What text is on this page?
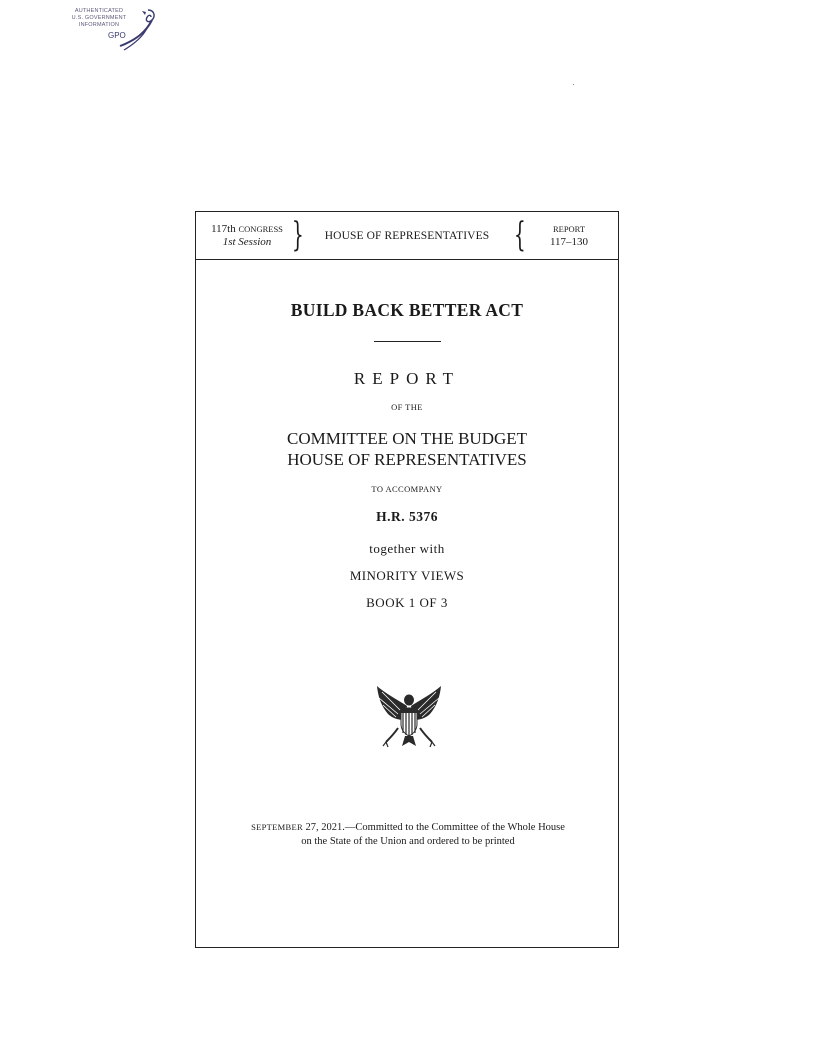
AUTHENTICATED
U.S. GOVERNMENT
INFORMATION
GPO
117th CONGRESS
1st Session }	HOUSE OF REPRESENTATIVES {	REPORT
117–130
BUILD BACK BETTER ACT
REPORT
OF THE
COMMITTEE ON THE BUDGET
HOUSE OF REPRESENTATIVES
TO ACCOMPANY
H.R. 5376
together with
MINORITY VIEWS
BOOK 1 OF 3
SEPTEMBER 27, 2021.—Committed to the Committee of the Whole House
on the State of the Union and ordered to be printed
